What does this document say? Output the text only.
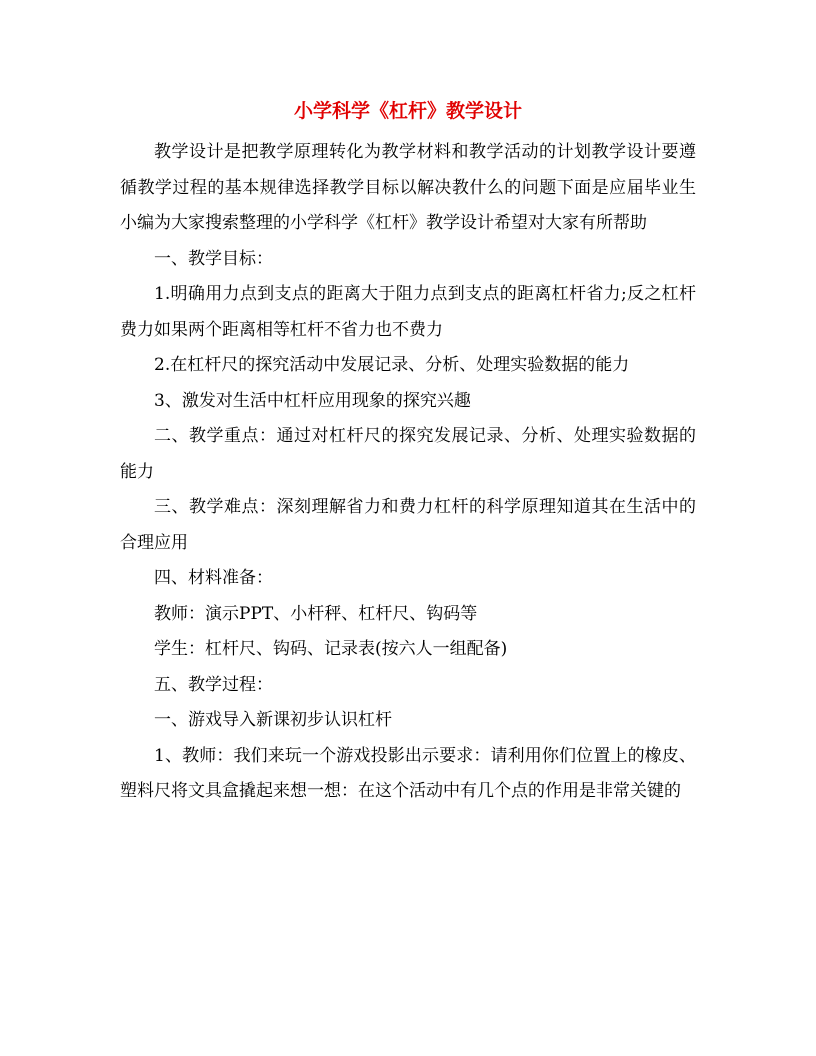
小学科学《杠杆》教学设计

教学设计是把教学原理转化为教学材料和教学活动的计划教学设计要遵循教学过程的基本规律选择教学目标以解决教什么的问题下面是应届毕业生小编为大家搜索整理的小学科学《杠杆》教学设计希望对大家有所帮助

一、教学目标：

1.明确用力点到支点的距离大于阻力点到支点的距离杠杆省力;反之杠杆费力如果两个距离相等杠杆不省力也不费力

2.在杠杆尺的探究活动中发展记录、分析、处理实验数据的能力

3、激发对生活中杠杆应用现象的探究兴趣

二、教学重点：通过对杠杆尺的探究发展记录、分析、处理实验数据的能力

三、教学难点：深刻理解省力和费力杠杆的科学原理知道其在生活中的合理应用

四、材料准备：

教师：演示PPT、小杆秤、杠杆尺、钩码等

学生：杠杆尺、钩码、记录表(按六人一组配备)

五、教学过程：

一、游戏导入新课初步认识杠杆

1、教师：我们来玩一个游戏投影出示要求：请利用你们位置上的橡皮、塑料尺将文具盒撬起来想一想：在这个活动中有几个点的作用是非常关键的
